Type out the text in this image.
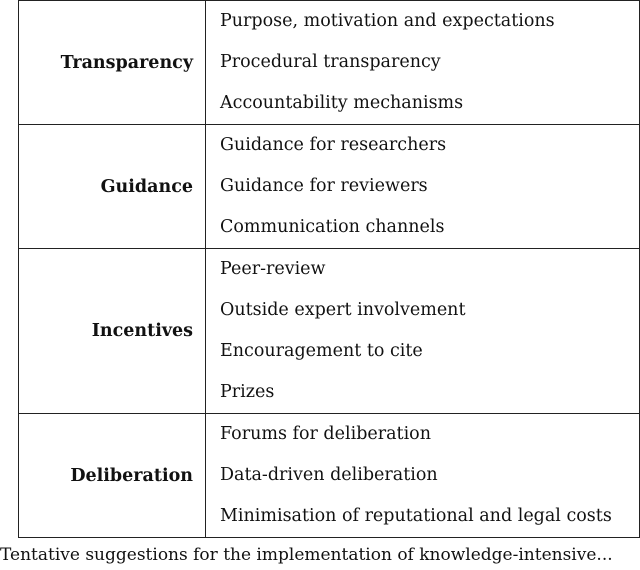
Transparency	Purpose, motivation and expectations
Procedural transparency
Accountability mechanisms

Guidance	Guidance for researchers
Guidance for reviewers
Communication channels

Incentives	Peer-review
Outside expert involvement
Encouragement to cite
Prizes

Deliberation	Forums for deliberation
Data-driven deliberation
Minimisation of reputational and legal costs
Tentative suggestions for the implementation of knowledge-intensive...
